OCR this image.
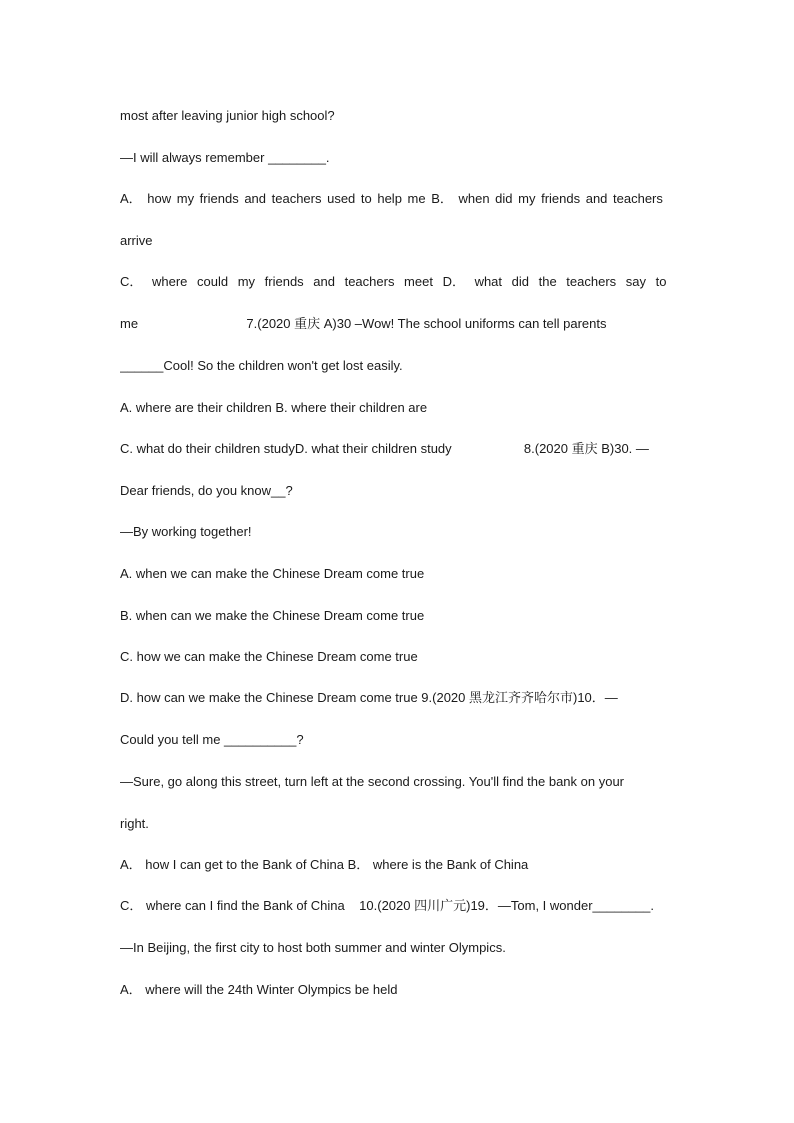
most after leaving junior high school?
—I will always remember ________.
A． how my friends and teachers used to help me B． when did my friends and teachers
arrive
C． where could my friends and teachers meet D． what did the teachers say to
me                              7.(2020 重庆 A)30 –Wow! The school uniforms can tell parents
______Cool! So the children won't get lost easily.
A. where are their children B. where their children are
C. what do their children studyD. what their children study                    8.(2020 重庆 B)30. —
Dear friends, do you know__?
—By working together!
A. when we can make the Chinese Dream come true
B. when can we make the Chinese Dream come true
C. how we can make the Chinese Dream come true
D. how can we make the Chinese Dream come true 9.(2020 黑龙江齐齐哈尔市)10．—
Could you tell me __________?
—Sure, go along this street, turn left at the second crossing. You'll find the bank on your
right.
A． how I can get to the Bank of China B． where is the Bank of China
C． where can I find the Bank of China    10.(2020 四川广元)19．—Tom, I wonder________.
—In Beijing, the first city to host both summer and winter Olympics.
A． where will the 24th Winter Olympics be held
